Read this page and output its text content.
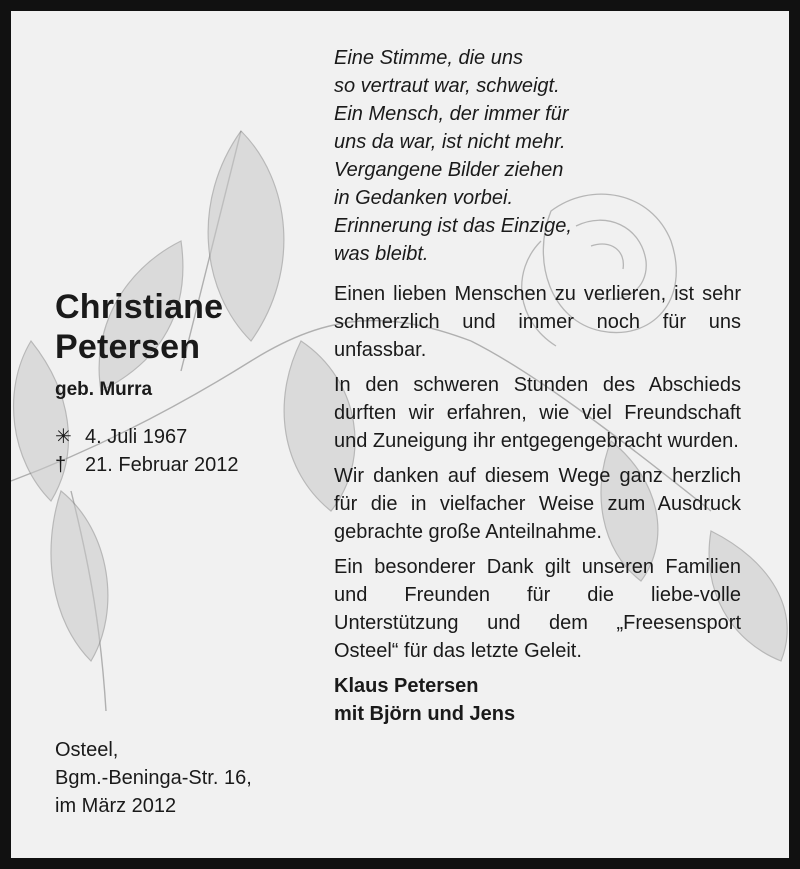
Christiane
Petersen
geb. Murra
✳ 4. Juli 1967
† 21. Februar 2012
Osteel,
Bgm.-Beninga-Str. 16,
im März 2012
Eine Stimme, die uns
so vertraut war, schweigt.
Ein Mensch, der immer für
uns da war, ist nicht mehr.
Vergangene Bilder ziehen
in Gedanken vorbei.
Erinnerung ist das Einzige,
was bleibt.
Einen lieben Menschen zu verlieren, ist sehr schmerzlich und immer noch für uns unfassbar.
In den schweren Stunden des Abschieds durften wir erfahren, wie viel Freundschaft und Zuneigung ihr entgegengebracht wurden.
Wir danken auf diesem Wege ganz herzlich für die in vielfacher Weise zum Ausdruck gebrachte große Anteilnahme.
Ein besonderer Dank gilt unseren Familien und Freunden für die liebe-volle Unterstützung und dem „Freesensport Osteel“ für das letzte Geleit.
Klaus Petersen
mit Björn und Jens
